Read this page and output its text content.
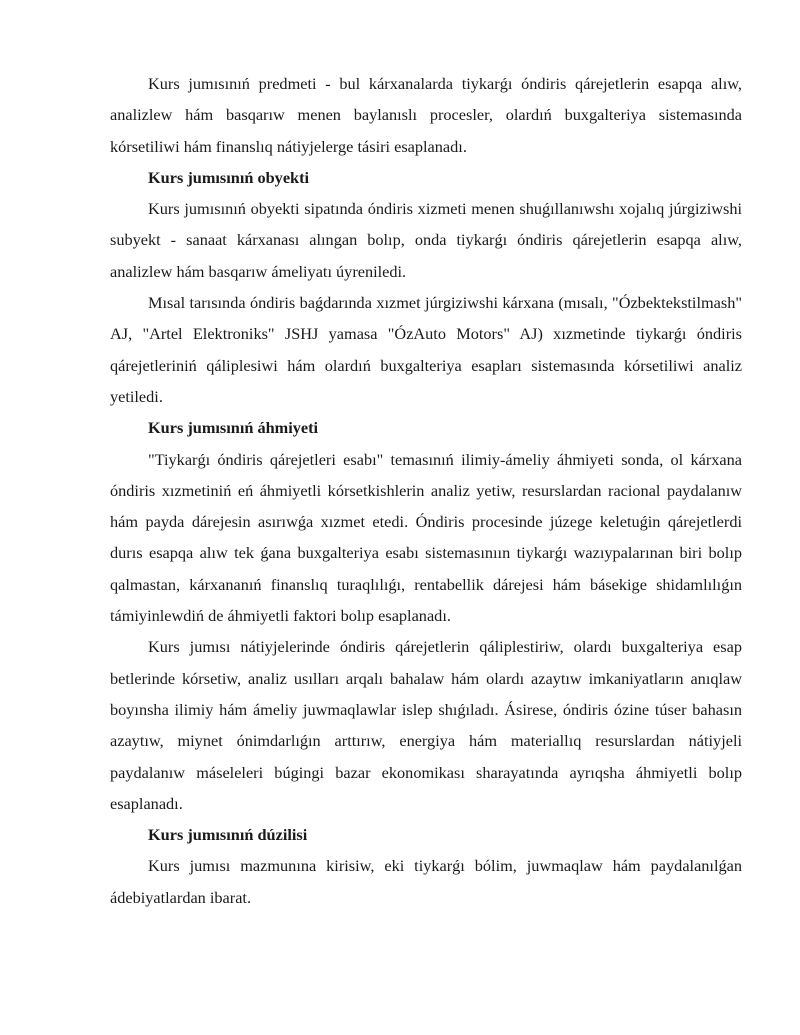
Kurs jumısınıń predmeti - bul kárxanalarda tiykarǵı óndiris qárejetlerin esapqa alıw, analizlew hám basqarıw menen baylanıslı procesler, olardıń buxgalteriya sistemasında kórsetiliwi hám finanslıq nátiyjelerge tásiri esaplanadı.

Kurs jumısınıń obyekti

Kurs jumısınıń obyekti sipatında óndiris xizmeti menen shuǵıllanıwshı xojalıq júrgiziwshi subyekt - sanaat kárxanası alıngan bolıp, onda tiykarǵı óndiris qárejetlerin esapqa alıw, analizlew hám basqarıw ámeliyatı úyreniledi.

Mısal tarısında óndiris baǵdarında xızmet júrgiziwshi kárxana (mısalı, "Ózbektekstilmash" AJ, "Artel Elektroniks" JSHJ yamasa "ÓzAuto Motors" AJ) xızmetinde tiykarǵı óndiris qárejetleriniń qáliplesiwi hám olardıń buxgalteriya esapları sistemasında kórsetiliwi analiz yetiledi.

Kurs jumısınıń áhmiyeti

"Tiykarǵı óndiris qárejetleri esabı" temasınıń ilimiy-ámeliy áhmiyeti sonda, ol kárxana óndiris xızmetiniń eń áhmiyetli kórsetkishlerin analiz yetiw, resurslardan racional paydalanıw hám payda dárejesin asırıwǵa xızmet etedi. Óndiris procesinde júzege keletuǵin qárejetlerdi durıs esapqa alıw tek ǵana buxgalteriya esabı sistemasınıın tiykarǵı wazıypalarınan biri bolıp qalmastan, kárxananıń finanslıq turaqlılıǵı, rentabellik dárejesi hám básekige shidamlılıǵın támiyinlewdiń de áhmiyetli faktori bolıp esaplanadı.

Kurs jumısı nátiyjelerinde óndiris qárejetlerin qáliplestiriw, olardı buxgalteriya esap betlerinde kórsetiw, analiz usılları arqalı bahalaw hám olardı azaytıw imkaniyatların anıqlaw boyınsha ilimiy hám ámeliy juwmaqlawlar islep shıǵıladı. Ásirese, óndiris ózine túser bahasın azaytıw, miynet ónimdarlıǵın arttırıw, energiya hám materiallıq resurslardan nátiyjeli paydalanıw máseleleri búgingi bazar ekonomikası sharayatında ayrıqsha áhmiyetli bolıp esaplanadı.

Kurs jumısınıń dúzilisi

Kurs jumısı mazmunına kirisiw, eki tiykarǵı bólim, juwmaqlaw hám paydalanılǵan ádebiyatlardan ibarat.
